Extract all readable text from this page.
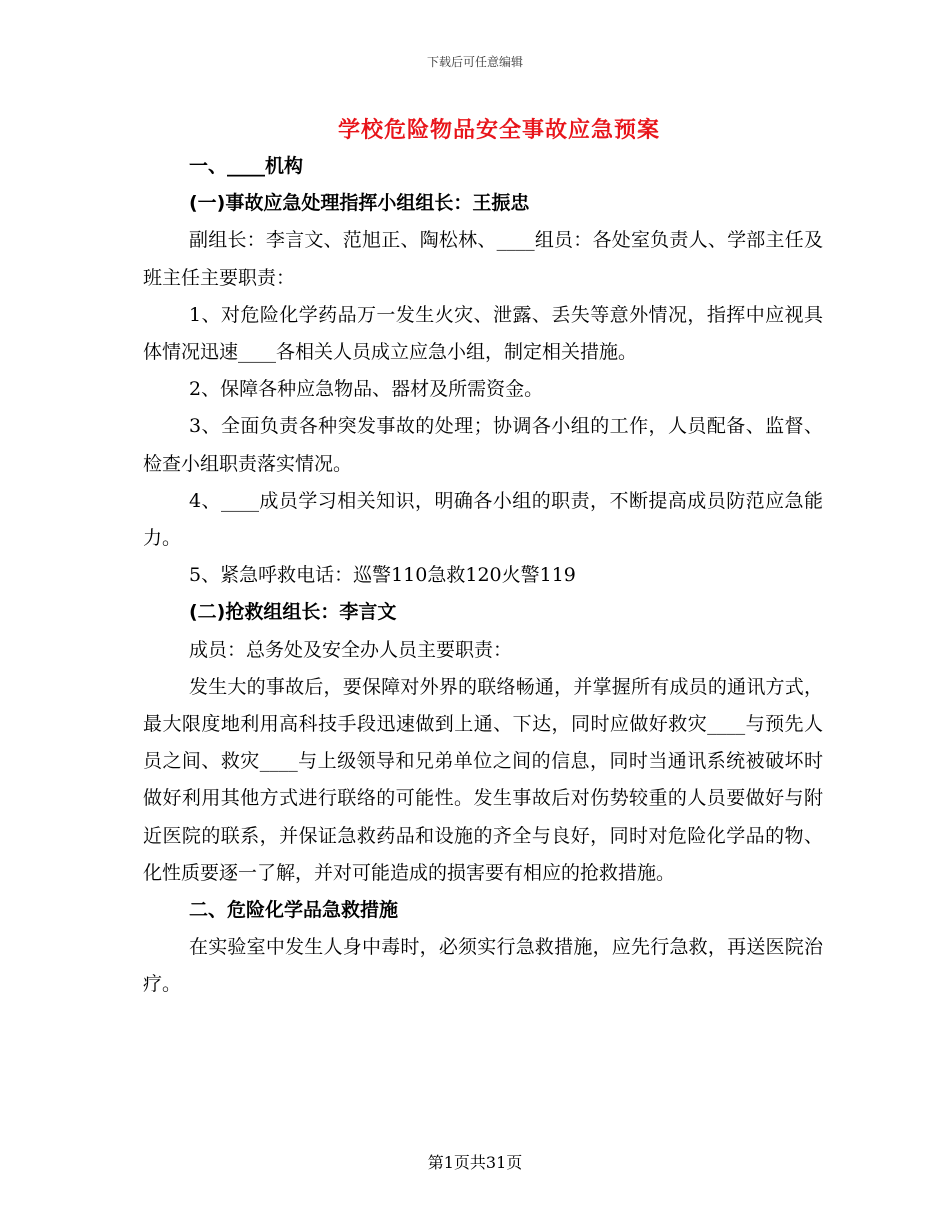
下载后可任意编辑
学校危险物品安全事故应急预案

一、____机构

(一)事故应急处理指挥小组组长：王振忠

副组长：李言文、范旭正、陶松林、____组员：各处室负责人、学部主任及班主任主要职责：

1、对危险化学药品万一发生火灾、泄露、丢失等意外情况，指挥中应视具体情况迅速____各相关人员成立应急小组，制定相关措施。

2、保障各种应急物品、器材及所需资金。

3、全面负责各种突发事故的处理；协调各小组的工作，人员配备、监督、检查小组职责落实情况。

4、____成员学习相关知识，明确各小组的职责，不断提高成员防范应急能力。

5、紧急呼救电话：巡警110急救120火警119

(二)抢救组组长：李言文

成员：总务处及安全办人员主要职责：

发生大的事故后，要保障对外界的联络畅通，并掌握所有成员的通讯方式，最大限度地利用高科技手段迅速做到上通、下达，同时应做好救灾____与预先人员之间、救灾____与上级领导和兄弟单位之间的信息，同时当通讯系统被破坏时做好利用其他方式进行联络的可能性。发生事故后对伤势较重的人员要做好与附近医院的联系，并保证急救药品和设施的齐全与良好，同时对危险化学品的物、化性质要逐一了解，并对可能造成的损害要有相应的抢救措施。

二、危险化学品急救措施

在实验室中发生人身中毒时，必须实行急救措施，应先行急救，再送医院治疗。

第1页共31页
